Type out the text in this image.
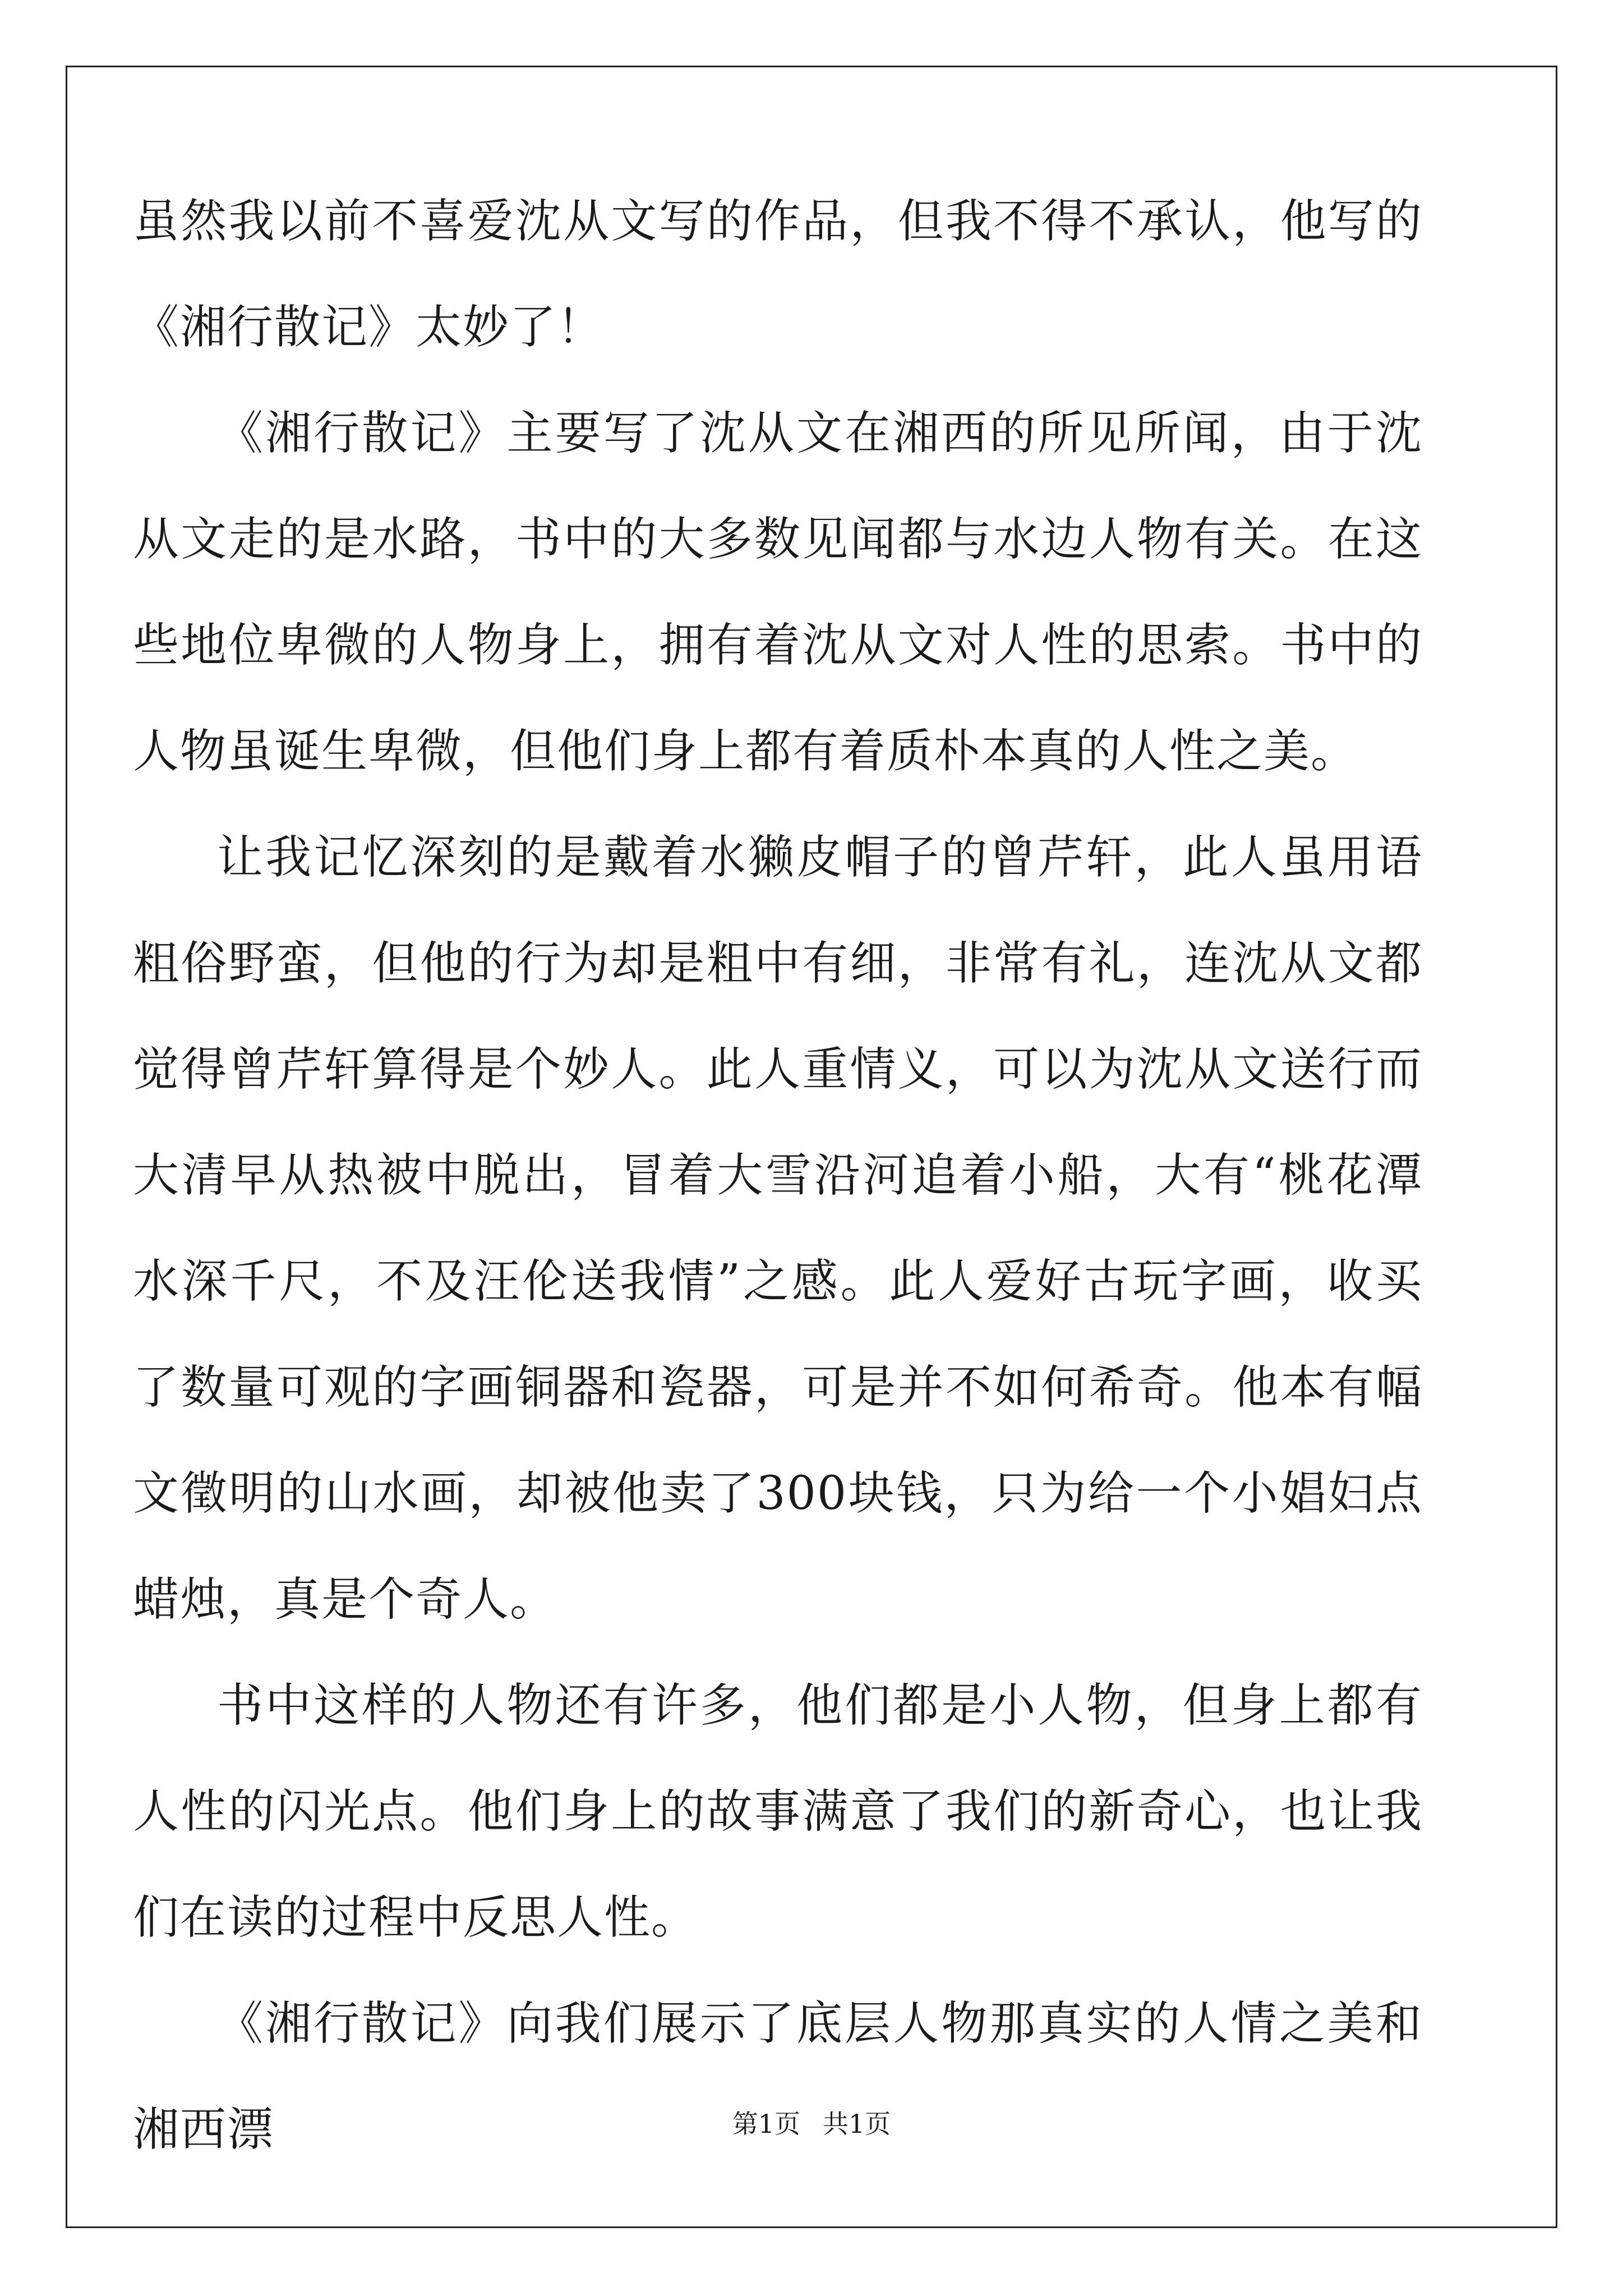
虽然我以前不喜爱沈从文写的作品，但我不得不承认，他写的《湘行散记》太妙了！

《湘行散记》主要写了沈从文在湘西的所见所闻，由于沈从文走的是水路，书中的大多数见闻都与水边人物有关。在这些地位卑微的人物身上，拥有着沈从文对人性的思索。书中的人物虽诞生卑微，但他们身上都有着质朴本真的人性之美。

让我记忆深刻的是戴着水獭皮帽子的曾芹轩，此人虽用语粗俗野蛮，但他的行为却是粗中有细，非常有礼，连沈从文都觉得曾芹轩算得是个妙人。此人重情义，可以为沈从文送行而大清早从热被中脱出，冒着大雪沿河追着小船，大有“桃花潭水深千尺，不及汪伦送我情”之感。此人爱好古玩字画，收买了数量可观的字画铜器和瓷器，可是并不如何希奇。他本有幅文徵明的山水画，却被他卖了300块钱，只为给一个小娼妇点蜡烛，真是个奇人。

书中这样的人物还有许多，他们都是小人物，但身上都有人性的闪光点。他们身上的故事满意了我们的新奇心，也让我们在读的过程中反思人性。

《湘行散记》向我们展示了底层人物那真实的人情之美和湘西漂	第1页 共1页
